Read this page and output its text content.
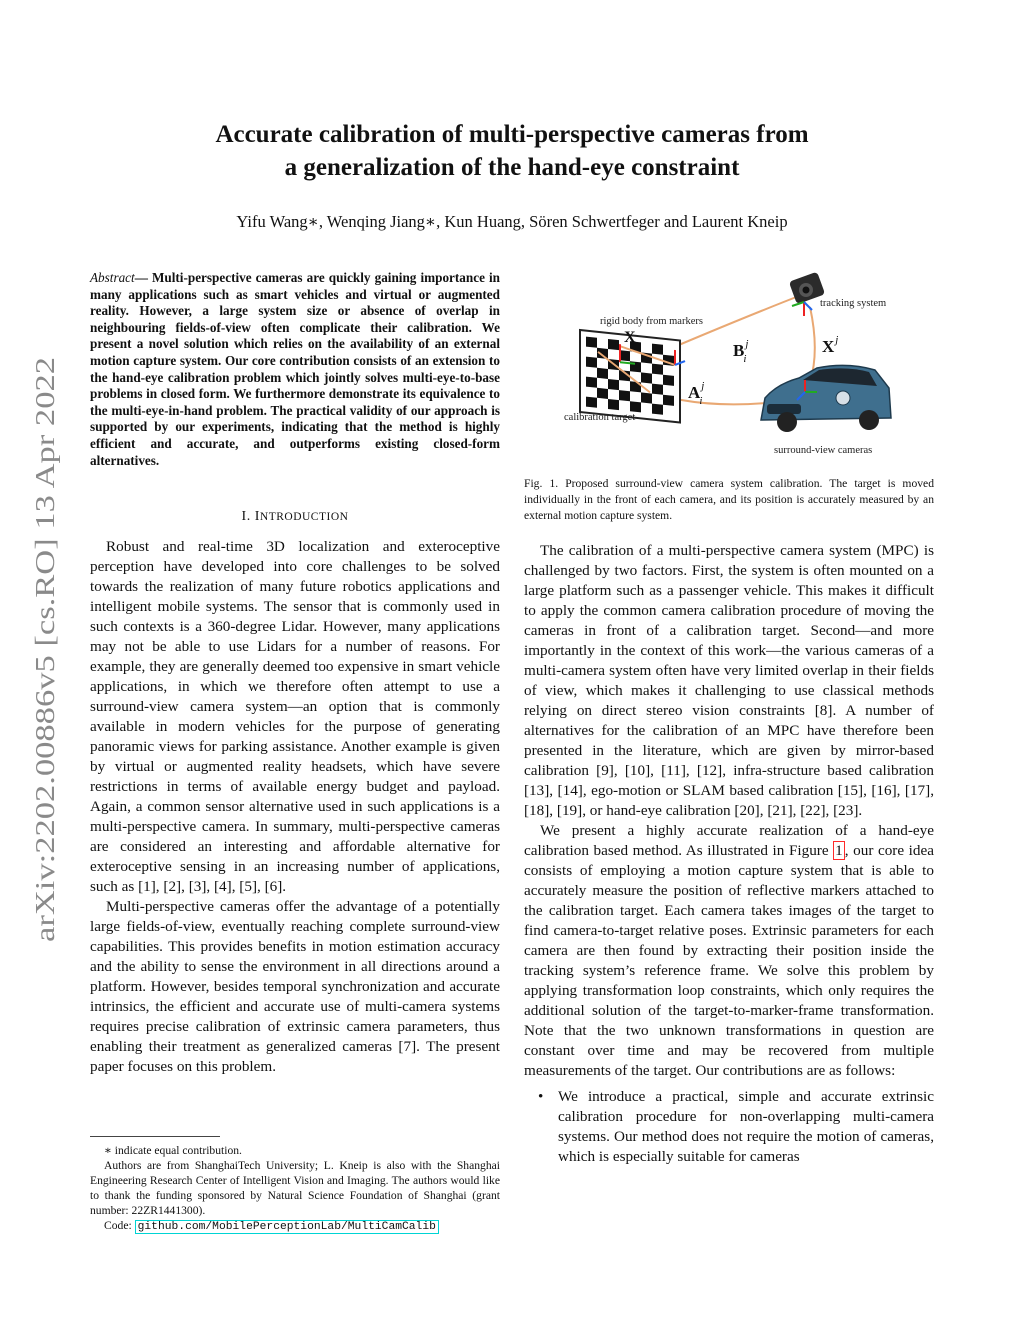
arXiv:2202.00886v5 [cs.RO] 13 Apr 2022
Accurate calibration of multi-perspective cameras from
a generalization of the hand-eye constraint
Yifu Wang∗, Wenqing Jiang∗, Kun Huang, Sören Schwertfeger and Laurent Kneip
Abstract— Multi-perspective cameras are quickly gaining importance in many applications such as smart vehicles and virtual or augmented reality. However, a large system size or absence of overlap in neighbouring fields-of-view often complicate their calibration. We present a novel solution which relies on the availability of an external motion capture system. Our core contribution consists of an extension to the hand-eye calibration problem which jointly solves multi-eye-to-base problems in closed form. We furthermore demonstrate its equivalence to the multi-eye-in-hand problem. The practical validity of our approach is supported by our experiments, indicating that the method is highly efficient and accurate, and outperforms existing closed-form alternatives.
I. INTRODUCTION

Robust and real-time 3D localization and exteroceptive perception have developed into core challenges to be solved towards the realization of many future robotics applications and intelligent mobile systems. The sensor that is commonly used in such contexts is a 360-degree Lidar. However, many applications may not be able to use Lidars for a number of reasons. For example, they are generally deemed too expensive in smart vehicle applications, in which we therefore often attempt to use a surround-view camera system—an option that is commonly available in modern vehicles for the purpose of generating panoramic views for parking assistance. Another example is given by virtual or augmented reality headsets, which have severe restrictions in terms of available energy budget and payload. Again, a common sensor alternative used in such applications is a multi-perspective camera. In summary, multi-perspective cameras are considered an interesting and affordable alternative for exteroceptive sensing in an increasing number of applications, such as [1], [2], [3], [4], [5], [6].

Multi-perspective cameras offer the advantage of a potentially large fields-of-view, eventually reaching complete surround-view capabilities. This provides benefits in motion estimation accuracy and the ability to sense the environment in all directions around a platform. However, besides temporal synchronization and accurate intrinsics, the efficient and accurate use of multi-camera systems requires precise calibration of extrinsic camera parameters, thus enabling their treatment as generalized cameras [7]. The present paper focuses on this problem.

∗ indicate equal contribution.

Authors are from ShanghaiTech University; L. Kneip is also with the Shanghai Engineering Research Center of Intelligent Vision and Imaging. The authors would like to thank the funding sponsored by Natural Science Foundation of Shanghai (grant number: 22ZR1441300).

Code: github.com/MobilePerceptionLab/MultiCamCalib

tracking system
rigid body from markers
calibration target
surround-view cameras
X
$B^j$ i
$X^j$
$A^j$ i
Fig. 1. Proposed surround-view camera system calibration. The target is moved individually in the front of each camera, and its position is accurately measured by an external motion capture system.

The calibration of a multi-perspective camera system (MPC) is challenged by two factors. First, the system is often mounted on a large platform such as a passenger vehicle. This makes it difficult to apply the common camera calibration procedure of moving the cameras in front of a calibration target. Second—and more importantly in the context of this work—the various cameras of a multi-camera system often have very limited overlap in their fields of view, which makes it challenging to use classical methods relying on direct stereo vision constraints [8]. A number of alternatives for the calibration of an MPC have therefore been presented in the literature, which are given by mirror-based calibration [9], [10], [11], [12], infra-structure based calibration [13], [14], ego-motion or SLAM based calibration [15], [16], [17], [18], [19], or hand-eye calibration [20], [21], [22], [23].

We present a highly accurate realization of a hand-eye calibration based method. As illustrated in Figure 1 , our core idea consists of employing a motion capture system that is able to accurately measure the position of reflective markers attached to the calibration target. Each camera takes images of the target to find camera-to-target relative poses. Extrinsic parameters for each camera are then found by extracting their position inside the tracking system’s reference frame. We solve this problem by applying transformation loop constraints, which only requires the additional solution of the target-to-marker-frame transformation. Note that the two unknown transformations in question are constant over time and may be recovered from multiple measurements of the target. Our contributions are as follows:

• We introduce a practical, simple and accurate extrinsic calibration procedure for non-overlapping multi-camera systems. Our method does not require the motion of cameras, which is especially suitable for cameras
